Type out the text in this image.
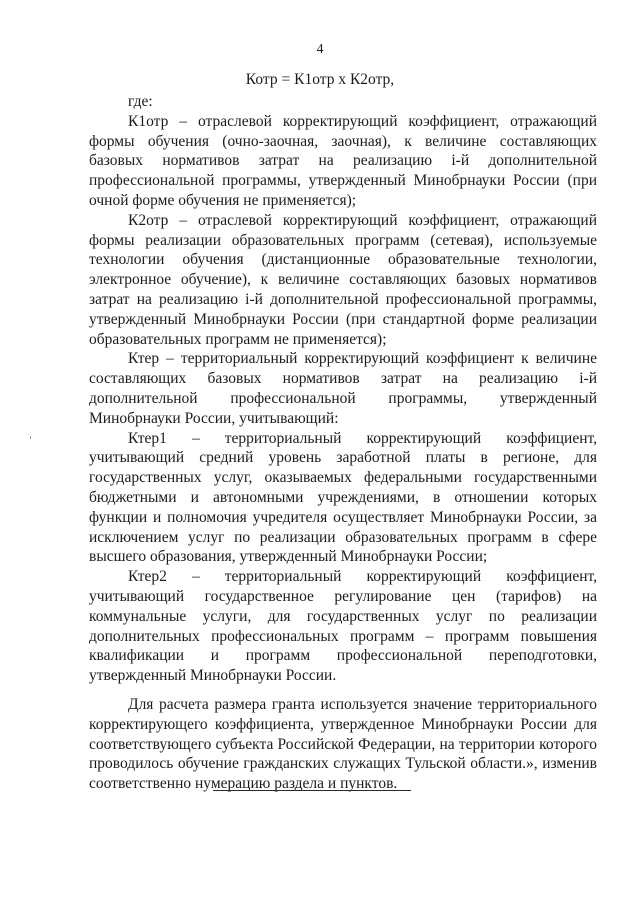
4
Котр = К1отр х К2отр,

где:

К1отр – отраслевой корректирующий коэффициент, отражающий формы обучения (очно-заочная, заочная), к величине составляющих базовых нормативов затрат на реализацию i-й дополнительной профессиональной программы, утвержденный Минобрнауки России (при очной форме обучения не применяется);

К2отр – отраслевой корректирующий коэффициент, отражающий формы реализации образовательных программ (сетевая), используемые технологии обучения (дистанционные образовательные технологии, электронное обучение), к величине составляющих базовых нормативов затрат на реализацию i-й дополнительной профессиональной программы, утвержденный Минобрнауки России (при стандартной форме реализации образовательных программ не применяется);

Ктер – территориальный корректирующий коэффициент к величине составляющих базовых нормативов затрат на реализацию i-й дополнительной профессиональной программы, утвержденный Минобрнауки России, учитывающий:

Ктер1 – территориальный корректирующий коэффициент, учитывающий средний уровень заработной платы в регионе, для государственных услуг, оказываемых федеральными государственными бюджетными и автономными учреждениями, в отношении которых функции и полномочия учредителя осуществляет Минобрнауки России, за исключением услуг по реализации образовательных программ в сфере высшего образования, утвержденный Минобрнауки России;

Ктер2 – территориальный корректирующий коэффициент, учитывающий государственное регулирование цен (тарифов) на коммунальные услуги, для государственных услуг по реализации дополнительных профессиональных программ – программ повышения квалификации и программ профессиональной переподготовки, утвержденный Минобрнауки России.

Для расчета размера гранта используется значение территориального корректирующего коэффициента, утвержденное Минобрнауки России для соответствующего субъекта Российской Федерации, на территории которого проводилось обучение гражданских служащих Тульской области.», изменив соответственно нумерацию раздела и пунктов.
